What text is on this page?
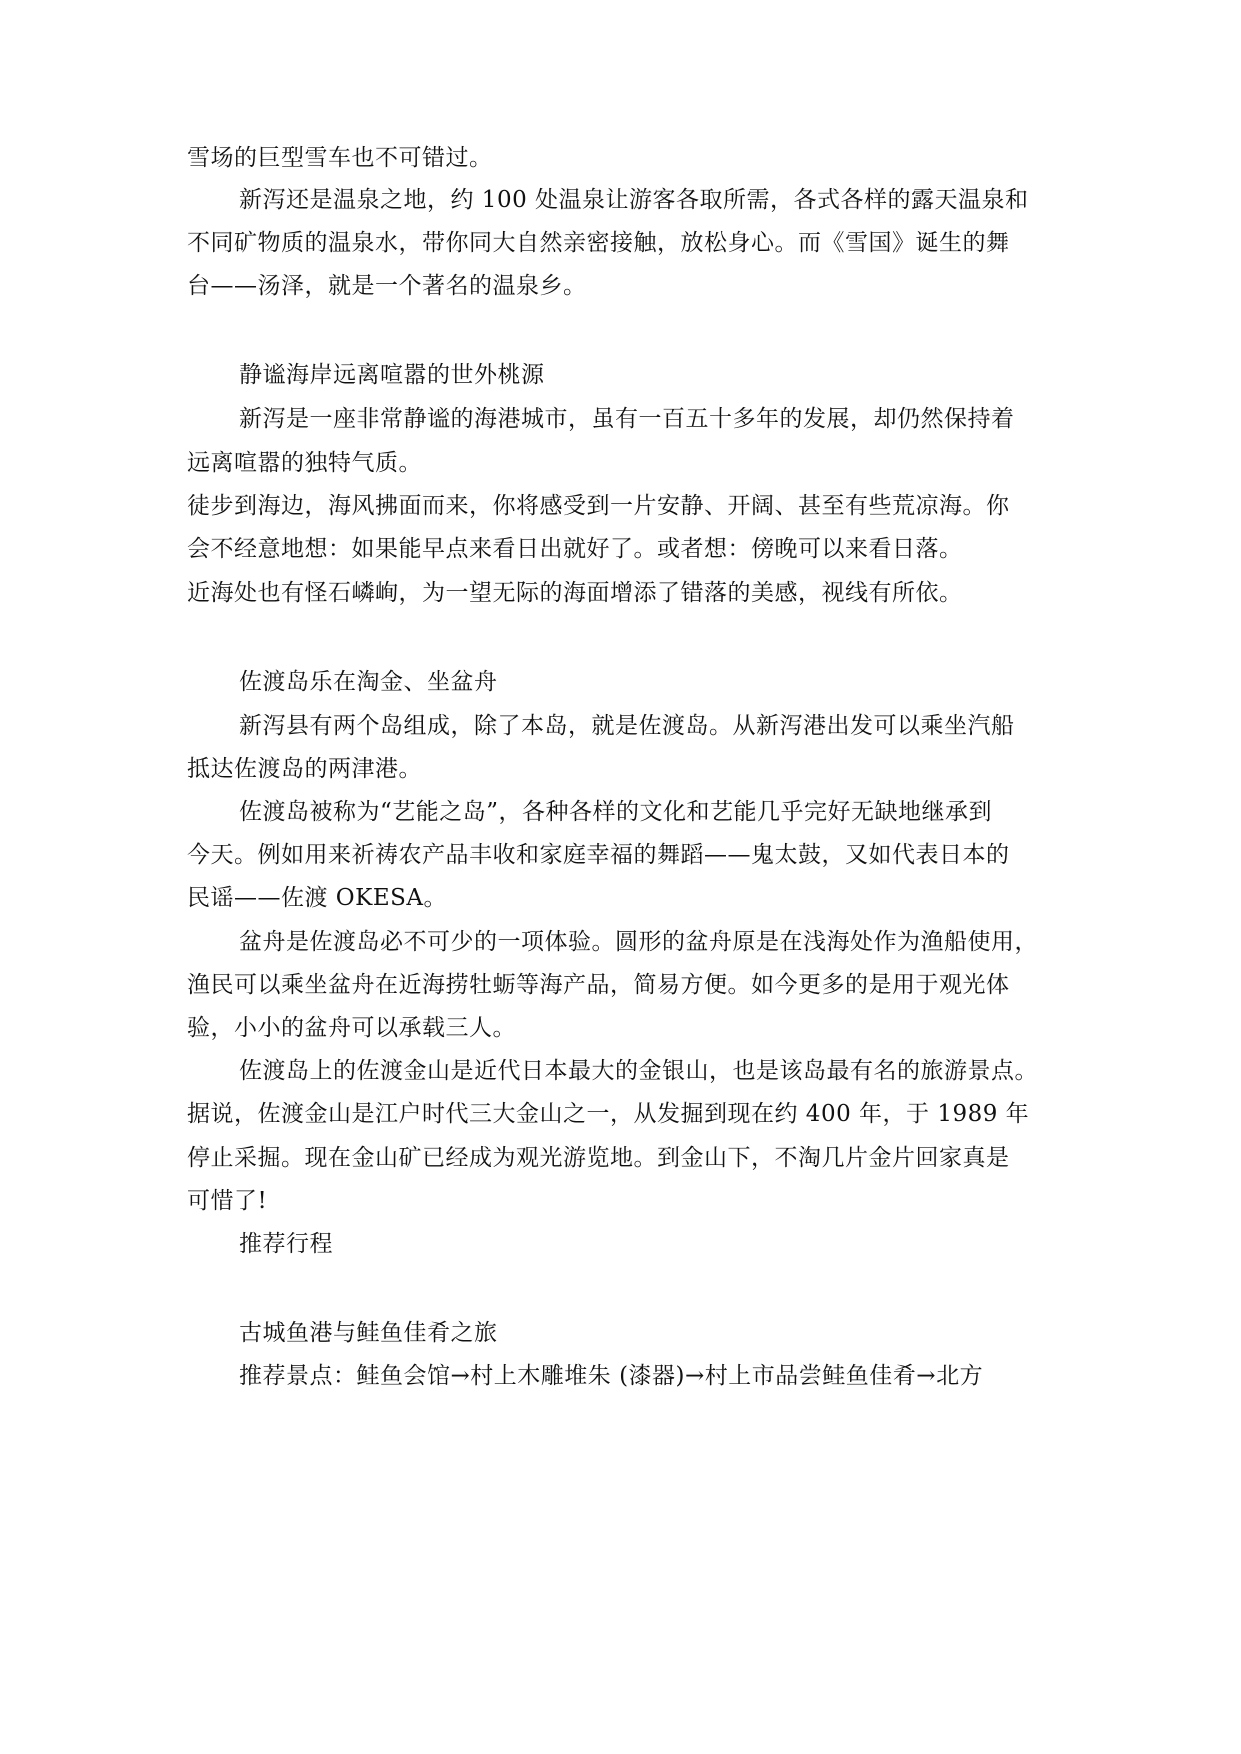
雪场的巨型雪车也不可错过。
新泻还是温泉之地，约 100 处温泉让游客各取所需，各式各样的露天温泉和
不同矿物质的温泉水，带你同大自然亲密接触，放松身心。而《雪国》诞生的舞
台——汤泽，就是一个著名的温泉乡。
静谧海岸远离喧嚣的世外桃源
新泻是一座非常静谧的海港城市，虽有一百五十多年的发展，却仍然保持着
远离喧嚣的独特气质。
徒步到海边，海风拂面而来，你将感受到一片安静、开阔、甚至有些荒凉海。你
会不经意地想：如果能早点来看日出就好了。或者想：傍晚可以来看日落。
近海处也有怪石嶙峋，为一望无际的海面增添了错落的美感，视线有所依。
佐渡岛乐在淘金、坐盆舟
新泻县有两个岛组成，除了本岛，就是佐渡岛。从新泻港出发可以乘坐汽船
抵达佐渡岛的两津港。
佐渡岛被称为“艺能之岛”，各种各样的文化和艺能几乎完好无缺地继承到
今天。例如用来祈祷农产品丰收和家庭幸福的舞蹈——鬼太鼓，又如代表日本的
民谣——佐渡 OKESA。
盆舟是佐渡岛必不可少的一项体验。圆形的盆舟原是在浅海处作为渔船使用，
渔民可以乘坐盆舟在近海捞牡蛎等海产品，简易方便。如今更多的是用于观光体
验，小小的盆舟可以承载三人。
佐渡岛上的佐渡金山是近代日本最大的金银山，也是该岛最有名的旅游景点。
据说，佐渡金山是江户时代三大金山之一，从发掘到现在约 400 年，于 1989 年
停止采掘。现在金山矿已经成为观光游览地。到金山下，不淘几片金片回家真是
可惜了!
推荐行程
古城鱼港与鲑鱼佳肴之旅
推荐景点：鲑鱼会馆→村上木雕堆朱 (漆器)→村上市品尝鲑鱼佳肴→北方
